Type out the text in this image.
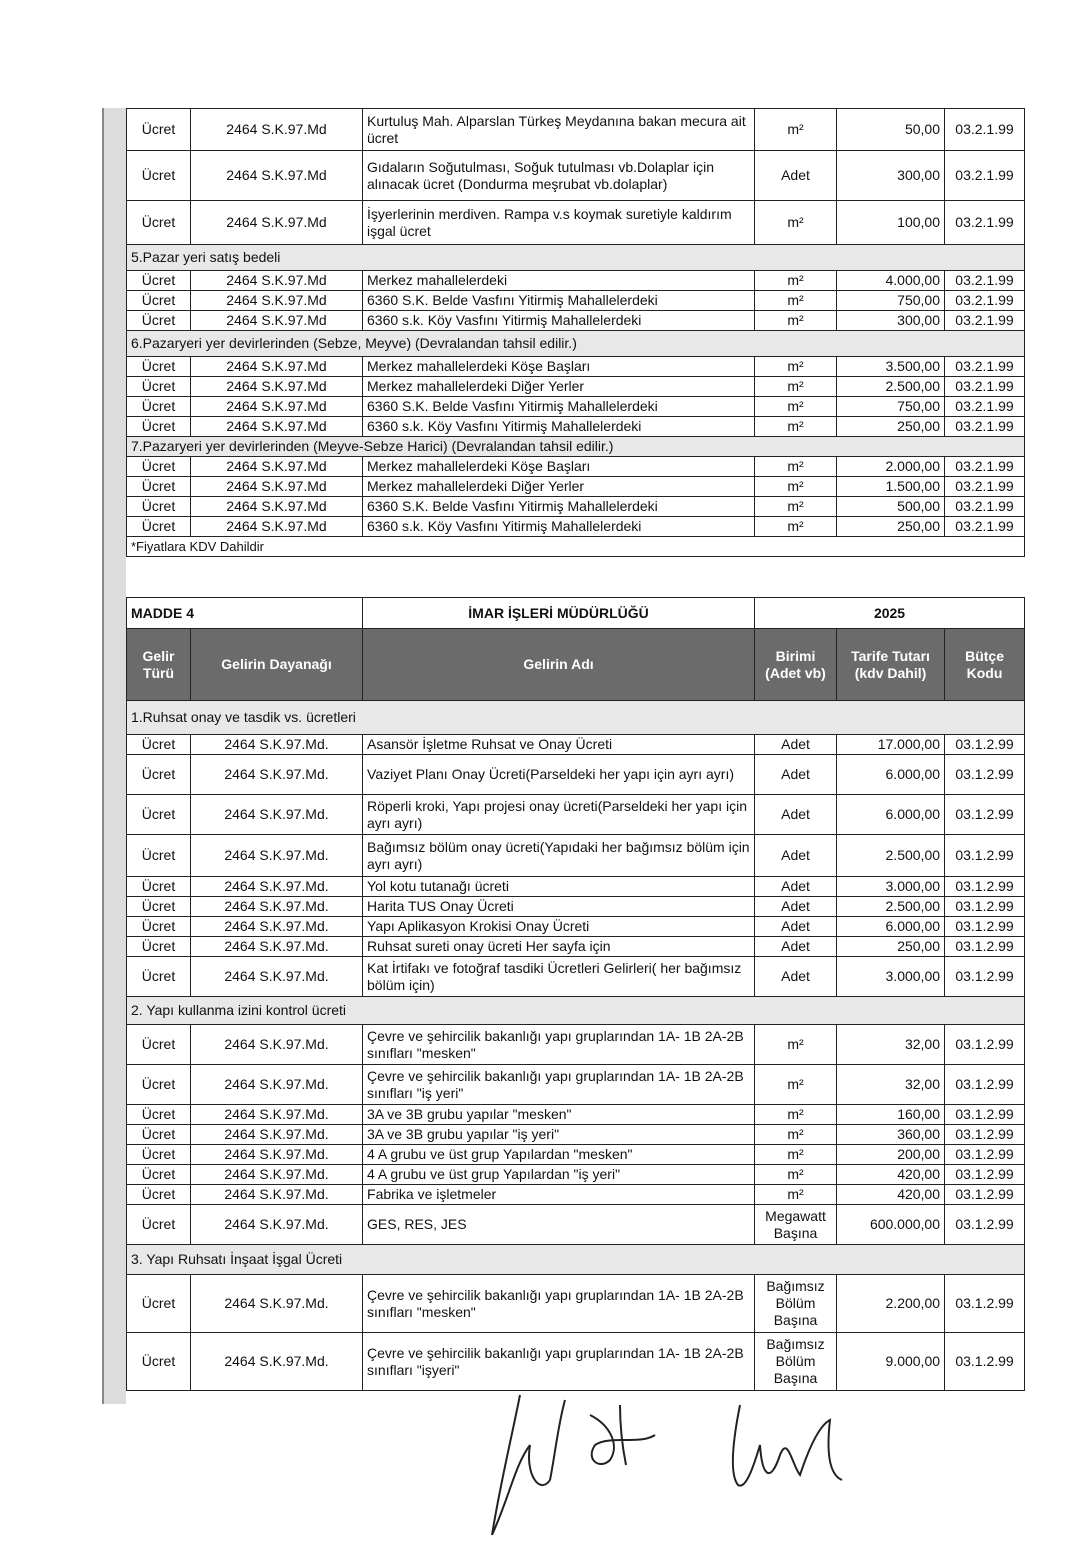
Ücret	2464 S.K.97.Md	Kurtuluş Mah. Alparslan Türkeş Meydanına bakan mecura ait ücret	m²	50,00	03.2.1.99
Ücret	2464 S.K.97.Md	Gıdaların Soğutulması, Soğuk tutulması vb.Dolaplar için alınacak ücret (Dondurma meşrubat vb.dolaplar)	Adet	300,00	03.2.1.99
Ücret	2464 S.K.97.Md	İşyerlerinin merdiven. Rampa v.s koymak suretiyle kaldırım işgal ücret	m²	100,00	03.2.1.99
5.Pazar yeri satış bedeli					
Ücret	2464 S.K.97.Md	Merkez mahallelerdeki	m²	4.000,00	03.2.1.99
Ücret	2464 S.K.97.Md	6360 S.K. Belde Vasfını Yitirmiş Mahallelerdeki	m²	750,00	03.2.1.99
Ücret	2464 S.K.97.Md	6360 s.k. Köy Vasfını Yitirmiş Mahallelerdeki	m²	300,00	03.2.1.99
6.Pazaryeri yer devirlerinden (Sebze, Meyve) (Devralandan tahsil edilir.)					
Ücret	2464 S.K.97.Md	Merkez mahallelerdeki Köşe Başları	m²	3.500,00	03.2.1.99
Ücret	2464 S.K.97.Md	Merkez mahallelerdeki Diğer Yerler	m²	2.500,00	03.2.1.99
Ücret	2464 S.K.97.Md	6360 S.K. Belde Vasfını Yitirmiş Mahallelerdeki	m²	750,00	03.2.1.99
Ücret	2464 S.K.97.Md	6360 s.k. Köy Vasfını Yitirmiş Mahallelerdeki	m²	250,00	03.2.1.99
7.Pazaryeri yer devirlerinden (Meyve-Sebze Harici) (Devralandan tahsil edilir.)					
Ücret	2464 S.K.97.Md	Merkez mahallelerdeki Köşe Başları	m²	2.000,00	03.2.1.99
Ücret	2464 S.K.97.Md	Merkez mahallelerdeki Diğer Yerler	m²	1.500,00	03.2.1.99
Ücret	2464 S.K.97.Md	6360 S.K. Belde Vasfını Yitirmiş Mahallelerdeki	m²	500,00	03.2.1.99
Ücret	2464 S.K.97.Md	6360 s.k. Köy Vasfını Yitirmiş Mahallelerdeki	m²	250,00	03.2.1.99
*Fiyatlara KDV Dahildir					
MADDE 4		İMAR İŞLERİ MÜDÜRLÜĞÜ	2025		
Gelir Türü	Gelirin Dayanağı	Gelirin Adı	Birimi (Adet vb)	Tarife Tutarı (kdv Dahil)	Bütçe Kodu
1.Ruhsat onay ve tasdik vs. ücretleri					
Ücret	2464 S.K.97.Md.	Asansör İşletme Ruhsat ve Onay Ücreti	Adet	17.000,00	03.1.2.99
Ücret	2464 S.K.97.Md.	Vaziyet Planı Onay Ücreti(Parseldeki her yapı için ayrı ayrı)	Adet	6.000,00	03.1.2.99
Ücret	2464 S.K.97.Md.	Röperli kroki, Yapı projesi onay ücreti(Parseldeki her yapı için ayrı ayrı)	Adet	6.000,00	03.1.2.99
Ücret	2464 S.K.97.Md.	Bağımsız bölüm onay ücreti(Yapıdaki her bağımsız bölüm için ayrı ayrı)	Adet	2.500,00	03.1.2.99
Ücret	2464 S.K.97.Md.	Yol kotu tutanağı ücreti	Adet	3.000,00	03.1.2.99
Ücret	2464 S.K.97.Md.	Harita TUS Onay Ücreti	Adet	2.500,00	03.1.2.99
Ücret	2464 S.K.97.Md.	Yapı Aplikasyon Krokisi Onay Ücreti	Adet	6.000,00	03.1.2.99
Ücret	2464 S.K.97.Md.	Ruhsat sureti onay ücreti Her sayfa için	Adet	250,00	03.1.2.99
Ücret	2464 S.K.97.Md.	Kat İrtifakı ve fotoğraf tasdiki Ücretleri Gelirleri( her bağımsız bölüm için)	Adet	3.000,00	03.1.2.99
2. Yapı kullanma izini kontrol ücreti					
Ücret	2464 S.K.97.Md.	Çevre ve şehircilik bakanlığı yapı gruplarından 1A- 1B 2A-2B sınıfları "mesken"	m²	32,00	03.1.2.99
Ücret	2464 S.K.97.Md.	Çevre ve şehircilik bakanlığı yapı gruplarından 1A- 1B 2A-2B sınıfları "iş yeri"	m²	32,00	03.1.2.99
Ücret	2464 S.K.97.Md.	3A ve 3B grubu yapılar "mesken"	m²	160,00	03.1.2.99
Ücret	2464 S.K.97.Md.	3A ve 3B grubu yapılar "iş yeri"	m²	360,00	03.1.2.99
Ücret	2464 S.K.97.Md.	4 A grubu ve üst grup Yapılardan "mesken"	m²	200,00	03.1.2.99
Ücret	2464 S.K.97.Md.	4 A grubu ve üst grup Yapılardan "iş yeri"	m²	420,00	03.1.2.99
Ücret	2464 S.K.97.Md.	Fabrika ve işletmeler	m²	420,00	03.1.2.99
Ücret	2464 S.K.97.Md.	GES, RES, JES	Megawatt Başına	600.000,00	03.1.2.99
3. Yapı Ruhsatı İnşaat İşgal Ücreti					
Ücret	2464 S.K.97.Md.	Çevre ve şehircilik bakanlığı yapı gruplarından 1A- 1B 2A-2B sınıfları "mesken"	Bağımsız Bölüm Başına	2.200,00	03.1.2.99
Ücret	2464 S.K.97.Md.	Çevre ve şehircilik bakanlığı yapı gruplarından 1A- 1B 2A-2B sınıfları "işyeri"	Bağımsız Bölüm Başına	9.000,00	03.1.2.99
